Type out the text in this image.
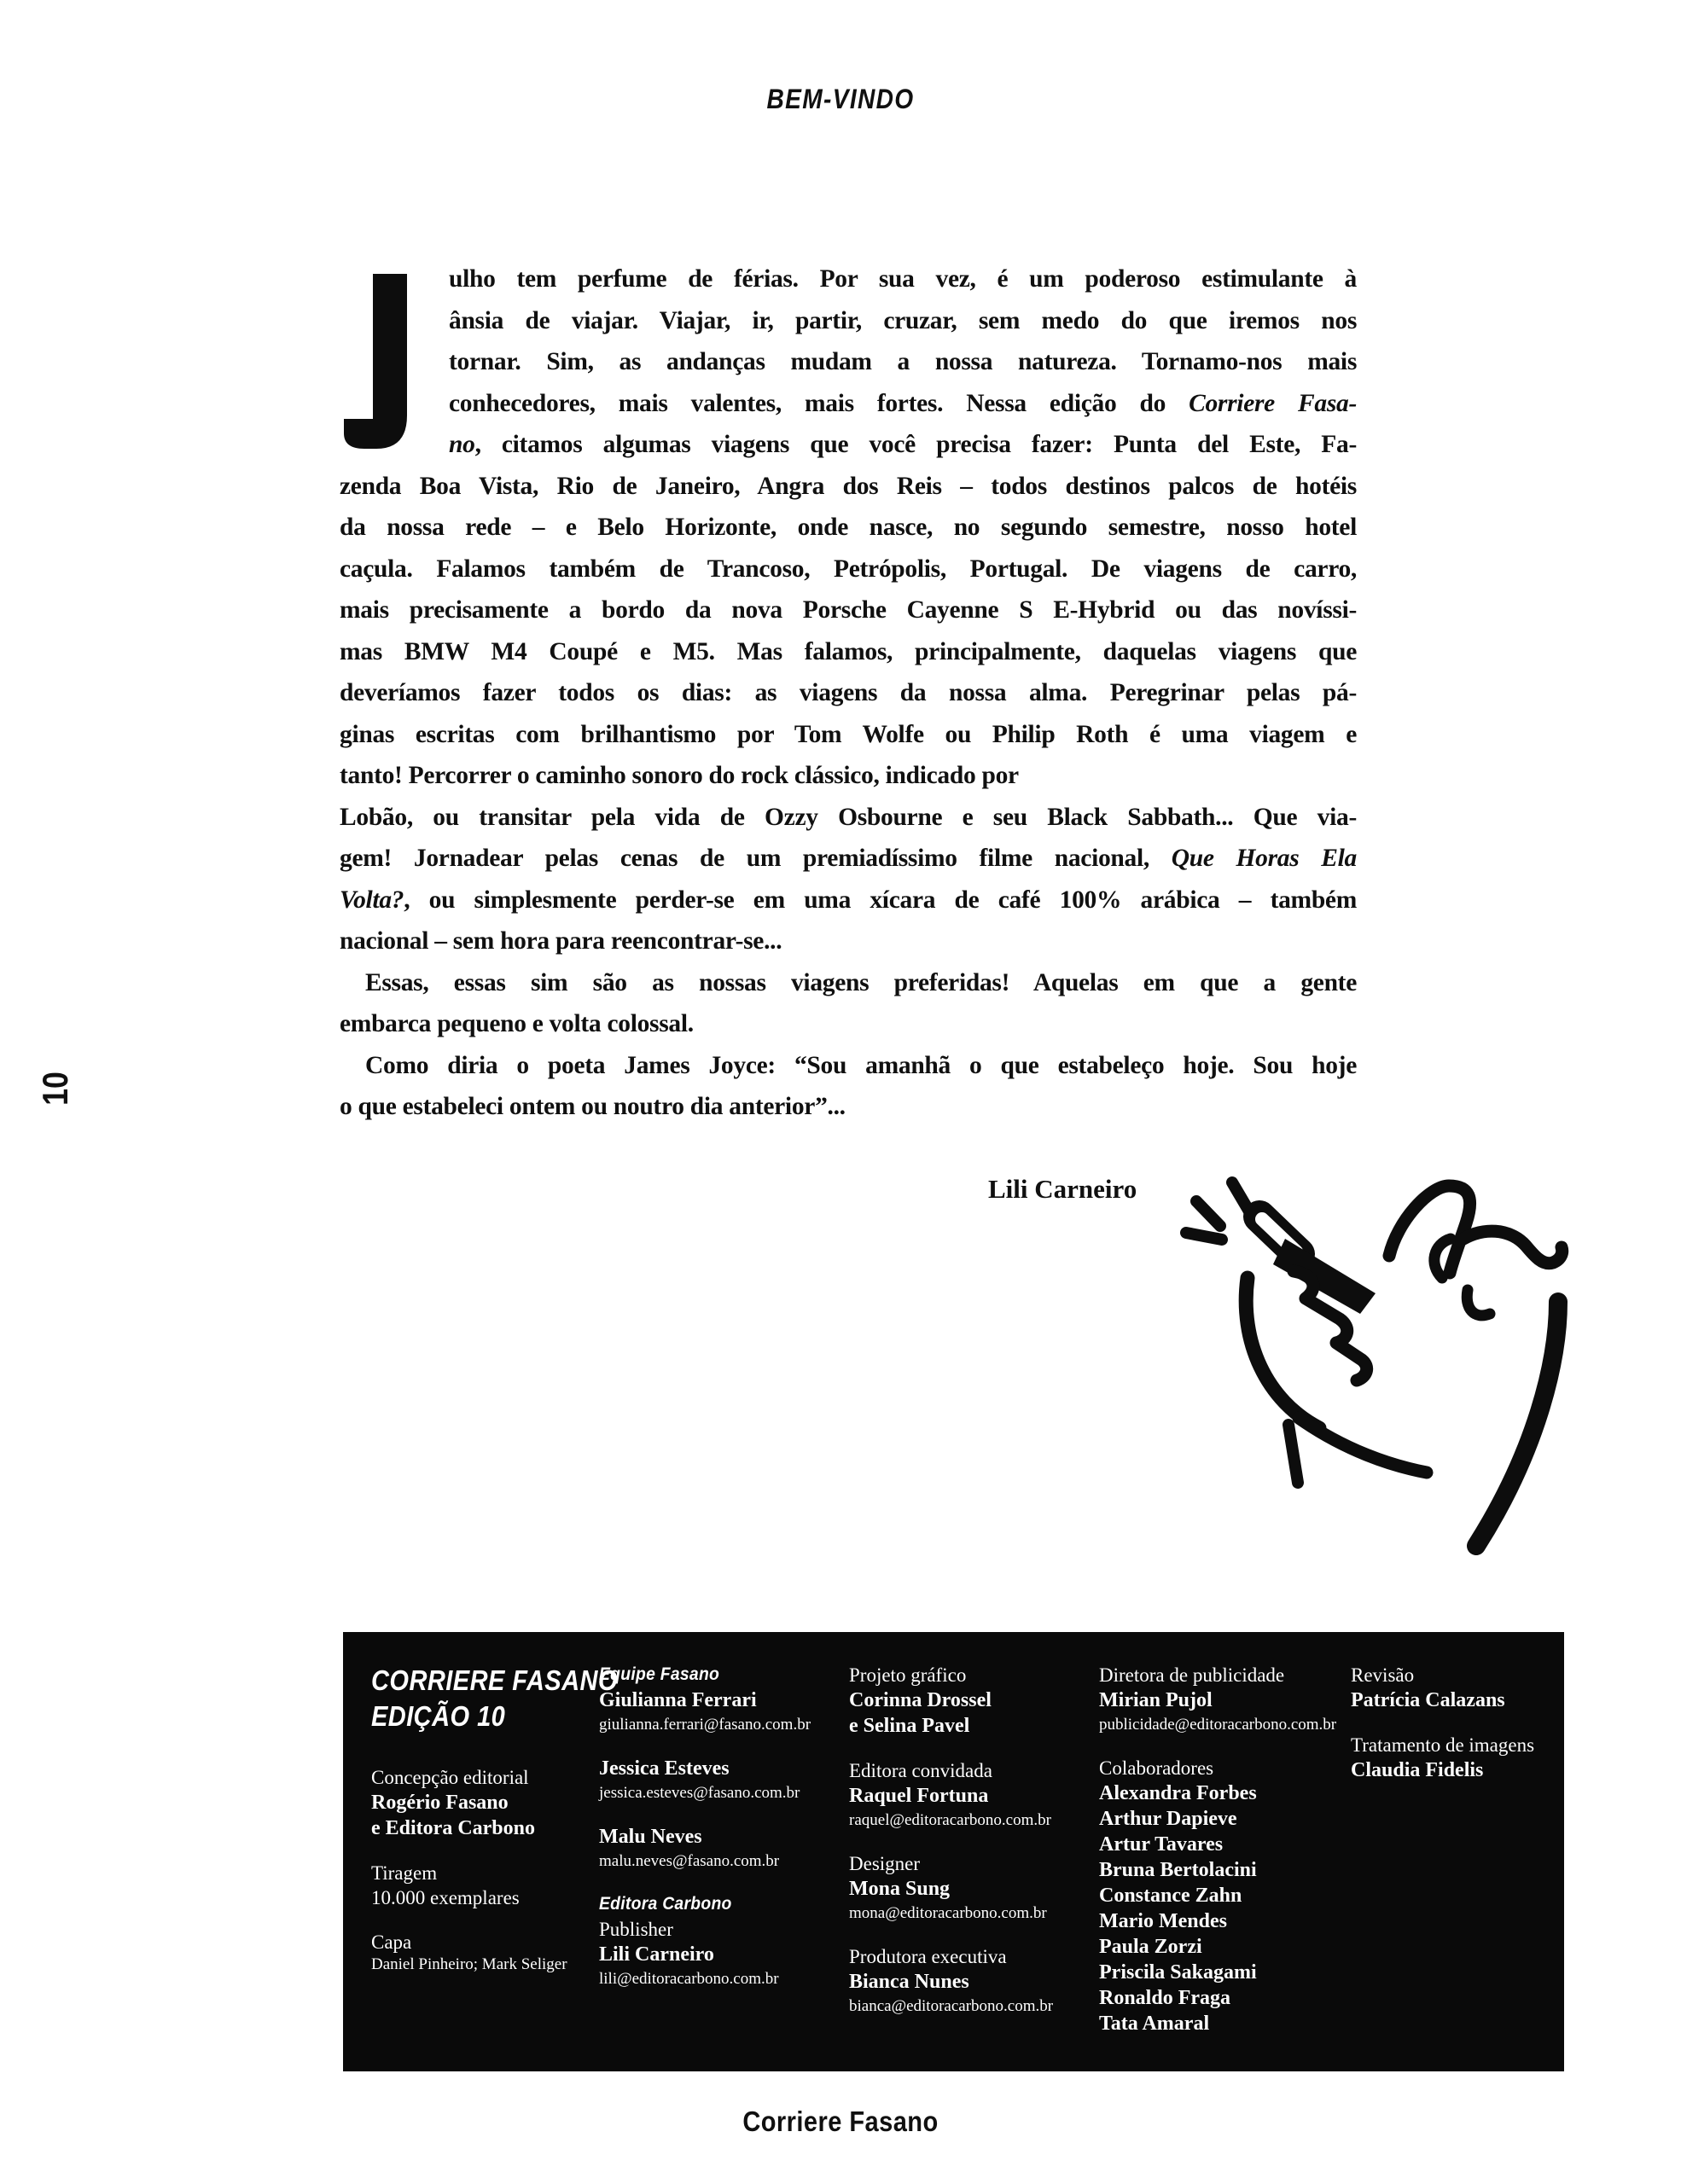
BEM-VINDO
10
ulho tem perfume de férias. Por sua vez, é um poderoso estimulante à
ânsia de viajar. Viajar, ir, partir, cruzar, sem medo do que iremos nos
tornar. Sim, as andanças mudam a nossa natureza. Tornamo-nos mais
conhecedores, mais valentes, mais fortes. Nessa edição do Corriere Fasa-
no, citamos algumas viagens que você precisa fazer: Punta del Este, Fa-
zenda Boa Vista, Rio de Janeiro, Angra dos Reis – todos destinos palcos de hotéis
da nossa rede – e Belo Horizonte, onde nasce, no segundo semestre, nosso hotel
caçula. Falamos também de Trancoso, Petrópolis, Portugal. De viagens de carro,
mais precisamente a bordo da nova Porsche Cayenne S E-Hybrid ou das novíssi-
mas BMW M4 Coupé e M5. Mas falamos, principalmente, daquelas viagens que
deveríamos fazer todos os dias: as viagens da nossa alma. Peregrinar pelas pá-
ginas escritas com brilhantismo por Tom Wolfe ou Philip Roth é uma viagem e
tanto! Percorrer o caminho sonoro do rock clássico, indicado por
Lobão, ou transitar pela vida de Ozzy Osbourne e seu Black Sabbath... Que via-
gem! Jornadear pelas cenas de um premiadíssimo filme nacional, Que Horas Ela
Volta?, ou simplesmente perder-se em uma xícara de café 100% arábica – também
nacional – sem hora para reencontrar-se...
Essas, essas sim são as nossas viagens preferidas! Aquelas em que a gente
embarca pequeno e volta colossal.
Como diria o poeta James Joyce: “Sou amanhã o que estabeleço hoje. Sou hoje
o que estabeleci ontem ou noutro dia anterior”...
Lili Carneiro
CORRIERE FASANO
EDIÇÃO 10
Concepção editorial
Rogério Fasano
e Editora Carbono
Tiragem
10.000 exemplares
Capa
Daniel Pinheiro; Mark Seliger
Equipe Fasano
Giulianna Ferrari
giulianna.ferrari@fasano.com.br
Jessica Esteves
jessica.esteves@fasano.com.br
Malu Neves
malu.neves@fasano.com.br
Editora Carbono
Publisher
Lili Carneiro
lili@editoracarbono.com.br
Projeto gráfico
Corinna Drossel
e Selina Pavel
Editora convidada
Raquel Fortuna
raquel@editoracarbono.com.br
Designer
Mona Sung
mona@editoracarbono.com.br
Produtora executiva
Bianca Nunes
bianca@editoracarbono.com.br
Diretora de publicidade
Mirian Pujol
publicidade@editoracarbono.com.br
Colaboradores
Alexandra Forbes
Arthur Dapieve
Artur Tavares
Bruna Bertolacini
Constance Zahn
Mario Mendes
Paula Zorzi
Priscila Sakagami
Ronaldo Fraga
Tata Amaral
Revisão
Patrícia Calazans
Tratamento de imagens
Claudia Fidelis
Corriere Fasano
